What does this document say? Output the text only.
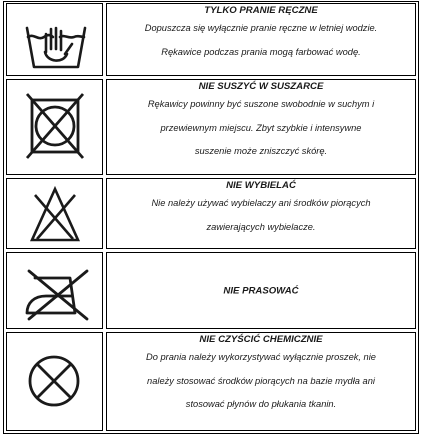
TYLKO PRANIE RĘCZNE
Dopuszcza się wyłącznie pranie ręczne w letniej wodzie.
Rękawice podczas prania mogą farbować wodę.
NIE SUSZYĆ W SUSZARCE
Rękawicy powinny być suszone swobodnie w suchym i
przewiewnym miejscu. Zbyt szybkie i intensywne
suszenie może zniszczyć skórę.
NIE WYBIELAĆ
Nie należy używać wybielaczy ani środków piorących
zawierających wybielacze.
NIE PRASOWAĆ
NIE CZYŚCIĆ CHEMICZNIE
Do prania należy wykorzystywać wyłącznie proszek, nie
należy stosować środków piorących na bazie mydła ani
stosować płynów do płukania tkanin.
